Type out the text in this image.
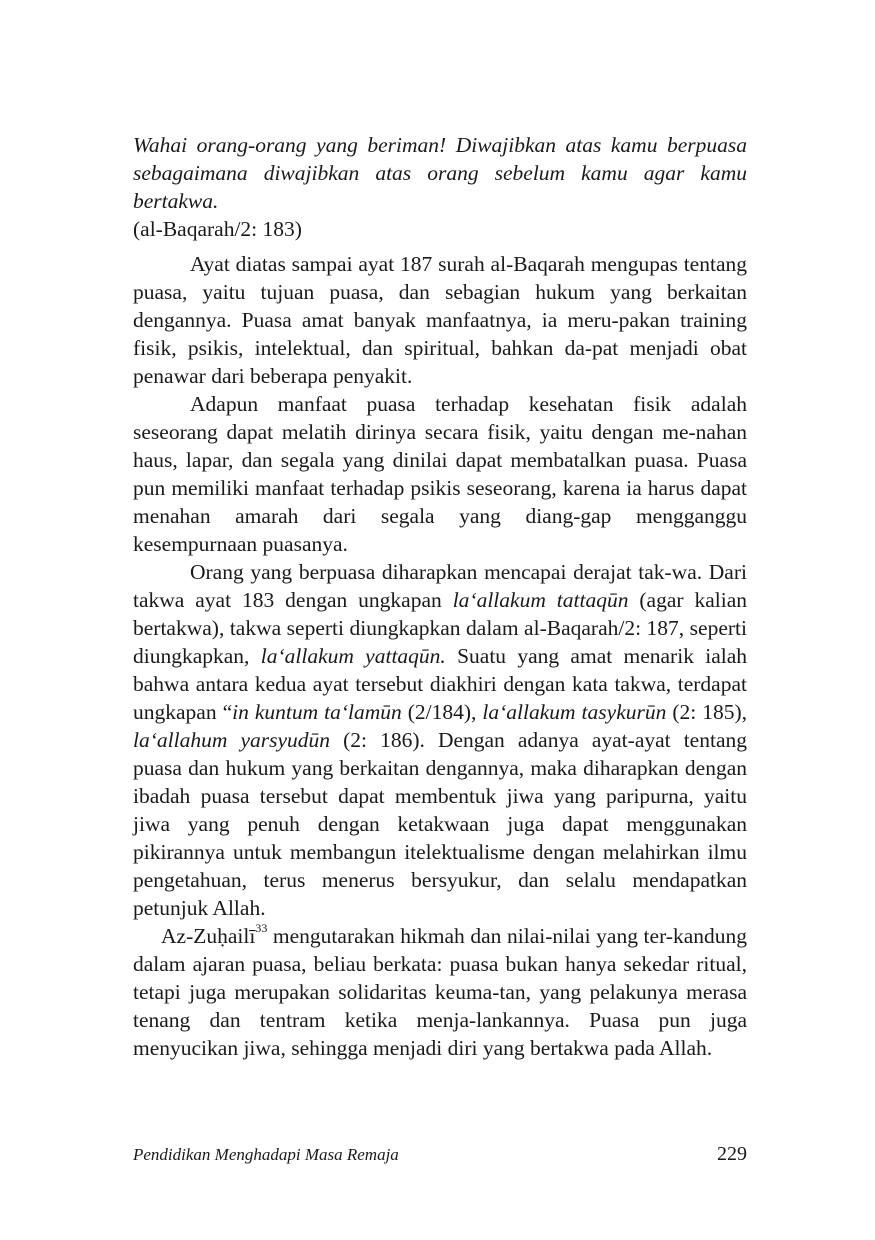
Wahai orang-orang yang beriman! Diwajibkan atas kamu berpuasa

sebagaimana diwajibkan atas orang sebelum kamu agar kamu bertakwa.

(al-Baqarah/2: 183)

Ayat diatas sampai ayat 187 surah al-Baqarah mengupas tentang puasa, yaitu tujuan puasa, dan sebagian hukum yang berkaitan dengannya. Puasa amat banyak manfaatnya, ia meru-pakan training fisik, psikis, intelektual, dan spiritual, bahkan da-pat menjadi obat penawar dari beberapa penyakit.

Adapun manfaat puasa terhadap kesehatan fisik adalah seseorang dapat melatih dirinya secara fisik, yaitu dengan me-nahan haus, lapar, dan segala yang dinilai dapat membatalkan puasa. Puasa pun memiliki manfaat terhadap psikis seseorang, karena ia harus dapat menahan amarah dari segala yang diang-gap mengganggu kesempurnaan puasanya.

Orang yang berpuasa diharapkan mencapai derajat tak-wa. Dari takwa ayat 183 dengan ungkapan la‘allakum tattaqūn (agar kalian bertakwa), takwa seperti diungkapkan dalam al-Baqarah/2: 187, seperti diungkapkan, la‘allakum yattaqūn. Suatu yang amat menarik ialah bahwa antara kedua ayat tersebut diakhiri dengan kata takwa, terdapat ungkapan “in kuntum ta‘lamūn (2/184), la‘allakum tasykurūn (2: 185), la‘allahum yarsyudūn (2: 186). Dengan adanya ayat-ayat tentang puasa dan hukum yang berkaitan dengannya, maka diharapkan dengan ibadah puasa tersebut dapat membentuk jiwa yang paripurna, yaitu jiwa yang penuh dengan ketakwaan juga dapat menggunakan pikirannya untuk membangun itelektualisme dengan melahirkan ilmu pengetahuan, terus menerus bersyukur, dan selalu mendapatkan petunjuk Allah.

Az-Zuḥailī$^{33}$ mengutarakan hikmah dan nilai-nilai yang ter-kandung dalam ajaran puasa, beliau berkata: puasa bukan hanya sekedar ritual, tetapi juga merupakan solidaritas keuma-tan, yang pelakunya merasa tenang dan tentram ketika menja-lankannya. Puasa pun juga menyucikan jiwa, sehingga menjadi diri yang bertakwa pada Allah.

Pendidikan Menghadapi Masa Remaja	229
